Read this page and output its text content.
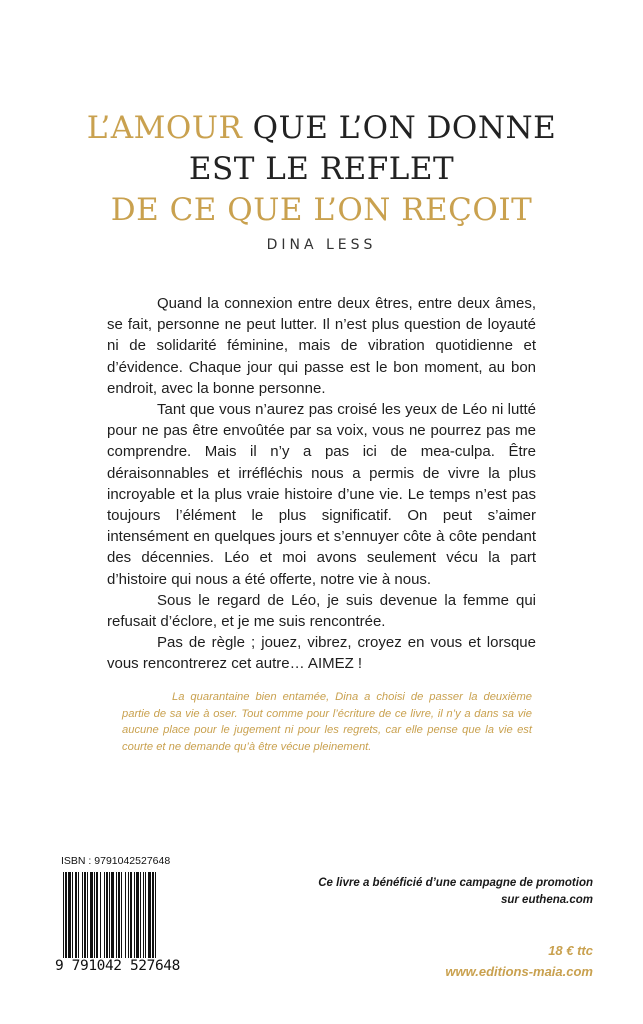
L’AMOUR QUE L’ON DONNE
EST LE REFLET
DE CE QUE L’ON REÇOIT
DINA LESS

Quand la connexion entre deux êtres, entre deux âmes, se fait, personne ne peut lutter. Il n’est plus question de loyauté ni de solidarité féminine, mais de vibration quotidienne et d’évidence. Chaque jour qui passe est le bon moment, au bon endroit, avec la bonne personne.

Tant que vous n’aurez pas croisé les yeux de Léo ni lutté pour ne pas être envoûtée par sa voix, vous ne pourrez pas me comprendre. Mais il n’y a pas ici de mea-culpa. Être déraisonnables et irréfléchis nous a permis de vivre la plus incroyable et la plus vraie histoire d’une vie. Le temps n’est pas toujours l’élément le plus significatif. On peut s’aimer intensément en quelques jours et s’ennuyer côte à côte pendant des décennies. Léo et moi avons seulement vécu la part d’histoire qui nous a été offerte, notre vie à nous.

Sous le regard de Léo, je suis devenue la femme qui refusait d’éclore, et je me suis rencontrée.

Pas de règle ; jouez, vibrez, croyez en vous et lorsque vous rencontrerez cet autre… AIMEZ !

La quarantaine bien entamée, Dina a choisi de passer la deuxième partie de sa vie à oser. Tout comme pour l’écriture de ce livre, il n’y a dans sa vie aucune place pour le jugement ni pour les regrets, car elle pense que la vie est courte et ne demande qu’à être vécue pleinement.

ISBN : 9791042527648
9 791042 527648
Ce livre a bénéficié d’une campagne de promotion
sur euthena.com
18 € ttc
www.editions-maia.com
